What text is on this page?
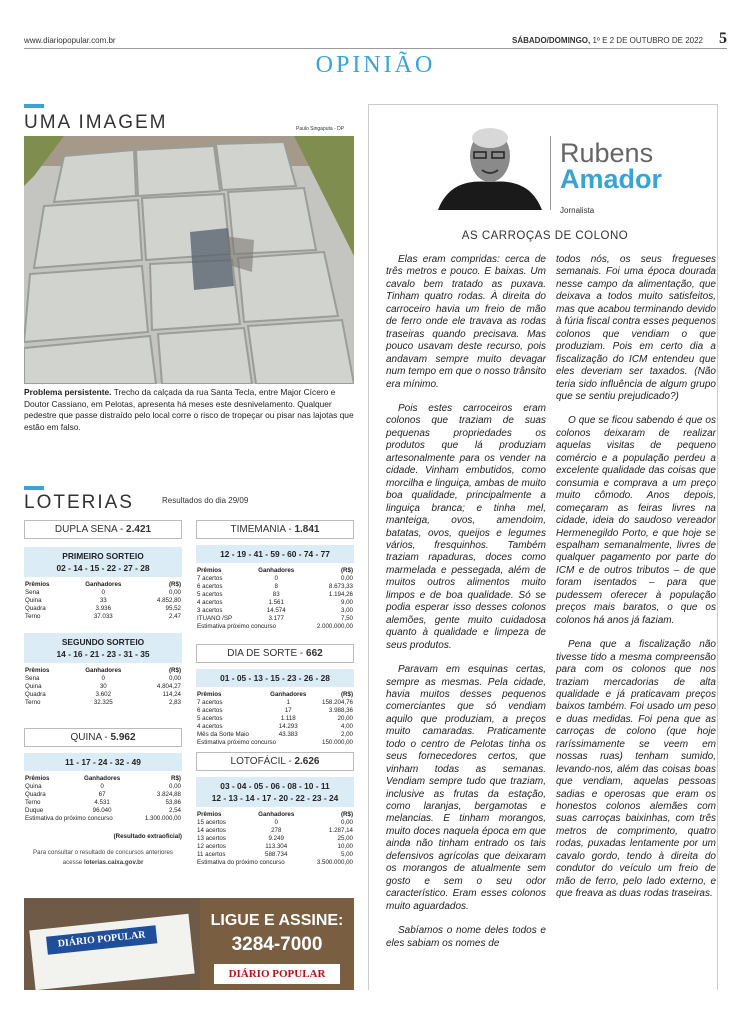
www.diariopopular.com.br	SÁBADO/DOMINGO, 1º E 2 DE OUTUBRO DE 2022 5
OPINIÃO
UMA IMAGEM	Paulo Singaputa - DP
Problema persistente. Trecho da calçada da rua Santa Tecla, entre Major Cícero e Doutor Cassiano, em Pelotas, apresenta há meses este desnivelamento. Qualquer pedestre que passe distraído pelo local corre o risco de tropeçar ou pisar nas lajotas que estão em falso.
LOTERIAS	Resultados do dia 29/09
DUPLA SENA - 2.421
PRIMEIRO SORTEIO
02 - 14 - 15 - 22 - 27 - 28
Prêmios	Ganhadores	(R$)
Sena	0	0,00
Quina	33	4.852,80
Quadra	3.936	95,52
Terno	37.033	2,47
SEGUNDO SORTEIO
14 - 16 - 21 - 23 - 31 - 35
Prêmios	Ganhadores	(R$)
Sena	0	0,00
Quina	30	4.804,27
Quadra	3.602	114,24
Terno	32.325	2,83
QUINA - 5.962
11 - 17 - 24 - 32 - 49
Prêmios	Ganhadores	R$)
Quina	0	0,00
Quadra	67	3.824,88
Terno	4.531	53,86
Duque	96.040	2,54
Estimativa do próximo concurso		1.300.000,00
(Resultado extraoficial)
Para consultar o resultado de concursos anteriores
acesse loterias.caixa.gov.br
TIMEMANIA - 1.841
12 - 19 - 41 - 59 - 60 - 74 - 77
Prêmios	Ganhadores	(R$)
7 acertos	0	0,00
6 acertos	8	8.673,33
5 acertos	83	1.194,26
4 acertos	1.561	9,00
3 acertos	14.574	3,00
ITUANO /SP	3.177	7,50
Estimativa próximo concurso		2.000.000,00
DIA DE SORTE - 662
01 - 05 - 13 - 15 - 23 - 26 - 28
Prêmios	Ganhadores	(R$)
7 acertos	1	158.204,76
6 acertos	17	3.988,36
5 acertos	1.118	20,00
4 acertos	14.293	4,00
Mês da Sorte Maio	43.383	2,00
Estimativa próximo concurso		150.000,00
LOTOFÁCIL - 2.626
03 - 04 - 05 - 06 - 08 - 10 - 11
12 - 13 - 14 - 17 - 20 - 22 - 23 - 24
Prêmios	Ganhadores	(R$)
15 acertos	0	0,00
14 acertos	278	1.287,14
13 acertos	9.249	25,00
12 acertos	113.304	10,00
11 acertos	588.734	5,00
Estimativa do próximo concurso		3.500.000,00
DIÁRIO POPULAR
LIGUE E ASSINE:
3284-7000
DIÁRIO POPULAR
Rubens
Amador
Jornalista
AS CARROÇAS DE COLONO

Elas eram compridas: cerca de três metros e pouco. E baixas. Um cavalo bem tratado as puxava. Tinham quatro rodas. À direita do carroceiro havia um freio de mão de ferro onde ele travava as rodas traseiras quando precisava. Mas pouco usavam deste recurso, pois andavam sempre muito devagar num tempo em que o nosso trânsito era mínimo.

Pois estes carroceiros eram colonos que traziam de suas pequenas propriedades os produtos que lá produziam artesonalmente para os vender na cidade. Vinham embutidos, como morcilha e linguiça, ambas de muito boa qualidade, principalmente a linguiça branca; e tinha mel, manteiga, ovos, amendoim, batatas, ovos, queijos e legumes vários, fresquinhos. Também traziam rapaduras, doces como marmelada e pessegada, além de muitos outros alimentos muito limpos e de boa qualidade. Só se podia esperar isso desses colonos alemões, gente muito cuidadosa quanto à qualidade e limpeza de seus produtos.

Paravam em esquinas certas, sempre as mesmas. Pela cidade, havia muitos desses pequenos comerciantes que só vendiam aquilo que produziam, a preços muito camaradas. Praticamente todo o centro de Pelotas tinha os seus fornecedores certos, que vinham todas as semanas. Vendiam sempre tudo que traziam, inclusive as frutas da estação, como laranjas, bergamotas e melancias. E tinham morangos, muito doces naquela época em que ainda não tinham entrado os tais defensivos agrícolas que deixaram os morangos de atualmente sem gosto e sem o seu odor característico. Eram esses colonos muito aguardados.

Sabíamos o nome deles todos e eles sabiam os nomes de

todos nós, os seus fregueses semanais. Foi uma época dourada nesse campo da alimentação, que deixava a todos muito satisfeitos, mas que acabou terminando devido à fúria fiscal contra esses pequenos colonos que vendiam o que produziam. Pois em certo dia a fiscalização do ICM entendeu que eles deveriam ser taxados. (Não teria sido influência de algum grupo que se sentiu prejudicado?)

O que se ficou sabendo é que os colonos deixaram de realizar aquelas visitas de pequeno comércio e a população perdeu a excelente qualidade das coisas que consumia e comprava a um preço muito cômodo. Anos depois, começaram as feiras livres na cidade, ideia do saudoso vereador Hermenegildo Porto, e que hoje se espalham semanalmente, livres de qualquer pagamento por parte do ICM e de outros tributos – de que foram isentados – para que pudessem oferecer à população preços mais baratos, o que os colonos há anos já faziam.

Pena que a fiscalização não tivesse tido a mesma compreensão para com os colonos que nos traziam mercadorias de alta qualidade e já praticavam preços baixos também. Foi usado um peso e duas medidas. Foi pena que as carroças de colono (que hoje raríssimamente se veem em nossas ruas) tenham sumido, levando-nos, além das coisas boas que vendiam, aquelas pessoas sadias e operosas que eram os honestos colonos alemães com suas carroças baixinhas, com três metros de comprimento, quatro rodas, puxadas lentamente por um cavalo gordo, tendo à direita do condutor do veículo um freio de mão de ferro, pelo lado externo, e que freava as duas rodas traseiras.
